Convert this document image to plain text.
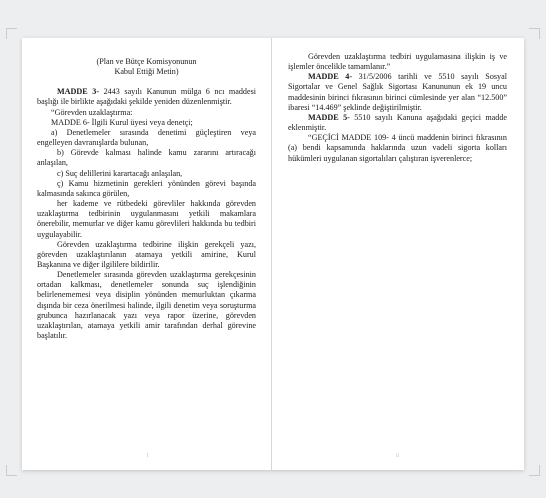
(Plan ve Bütçe Komisyonunun
Kabul Ettiği Metin)

MADDE 3- 2443 sayılı Kanunun mülga 6 ncı maddesi başlığı ile birlikte aşağıdaki şekilde yeniden düzenlenmiştir.

“Görevden uzaklaştırma:

MADDE 6- İlgili Kurul üyesi veya denetçi;

a) Denetlemeler sırasında denetimi güçleştiren veya engelleyen davranışlarda bulunan,

b) Görevde kalması halinde kamu zararını artıracağı anlaşılan,

c) Suç delillerini karartacağı anlaşılan,

ç) Kamu hizmetinin gerekleri yönünden görevi başında kalmasında sakınca görülen,

her kademe ve rütbedeki görevliler hakkında görevden uzaklaştırma tedbirinin uygulanmasını yetkili makamlara önerebilir, memurlar ve diğer kamu görevlileri hakkında bu tedbiri uygulayabilir.

Görevden uzaklaştırma tedbirine ilişkin gerekçeli yazı, görevden uzaklaştırılanın atamaya yetkili amirine, Kurul Başkanına ve diğer ilgililere bildirilir.

Denetlemeler sırasında görevden uzaklaştırma gerekçesinin ortadan kalkması, denetlemeler sonunda suç işlendiğinin belirlenememesi veya disiplin yönünden memurluktan çıkarma dışında bir ceza önerilmesi halinde, ilgili denetim veya soruşturma grubunca hazırlanacak yazı veya rapor üzerine, görevden uzaklaştırılan, atamaya yetkili amir tarafından derhal görevine başlatılır.

1

Görevden uzaklaştırma tedbiri uygulamasına ilişkin iş ve işlemler öncelikle tamamlanır.”

MADDE 4- 31/5/2006 tarihli ve 5510 sayılı Sosyal Sigortalar ve Genel Sağlık Sigortası Kanununun ek 19 uncu maddesinin birinci fıkrasının birinci cümlesinde yer alan “12.500” ibaresi “14.469” şeklinde değiştirilmiştir.

MADDE 5- 5510 sayılı Kanuna aşağıdaki geçici madde eklenmiştir.

“GEÇİCİ MADDE 109- 4 üncü maddenin birinci fıkrasının (a) bendi kapsamında haklarında uzun vadeli sigorta kolları hükümleri uygulanan sigortalıları çalıştıran işverenlerce;

ii
